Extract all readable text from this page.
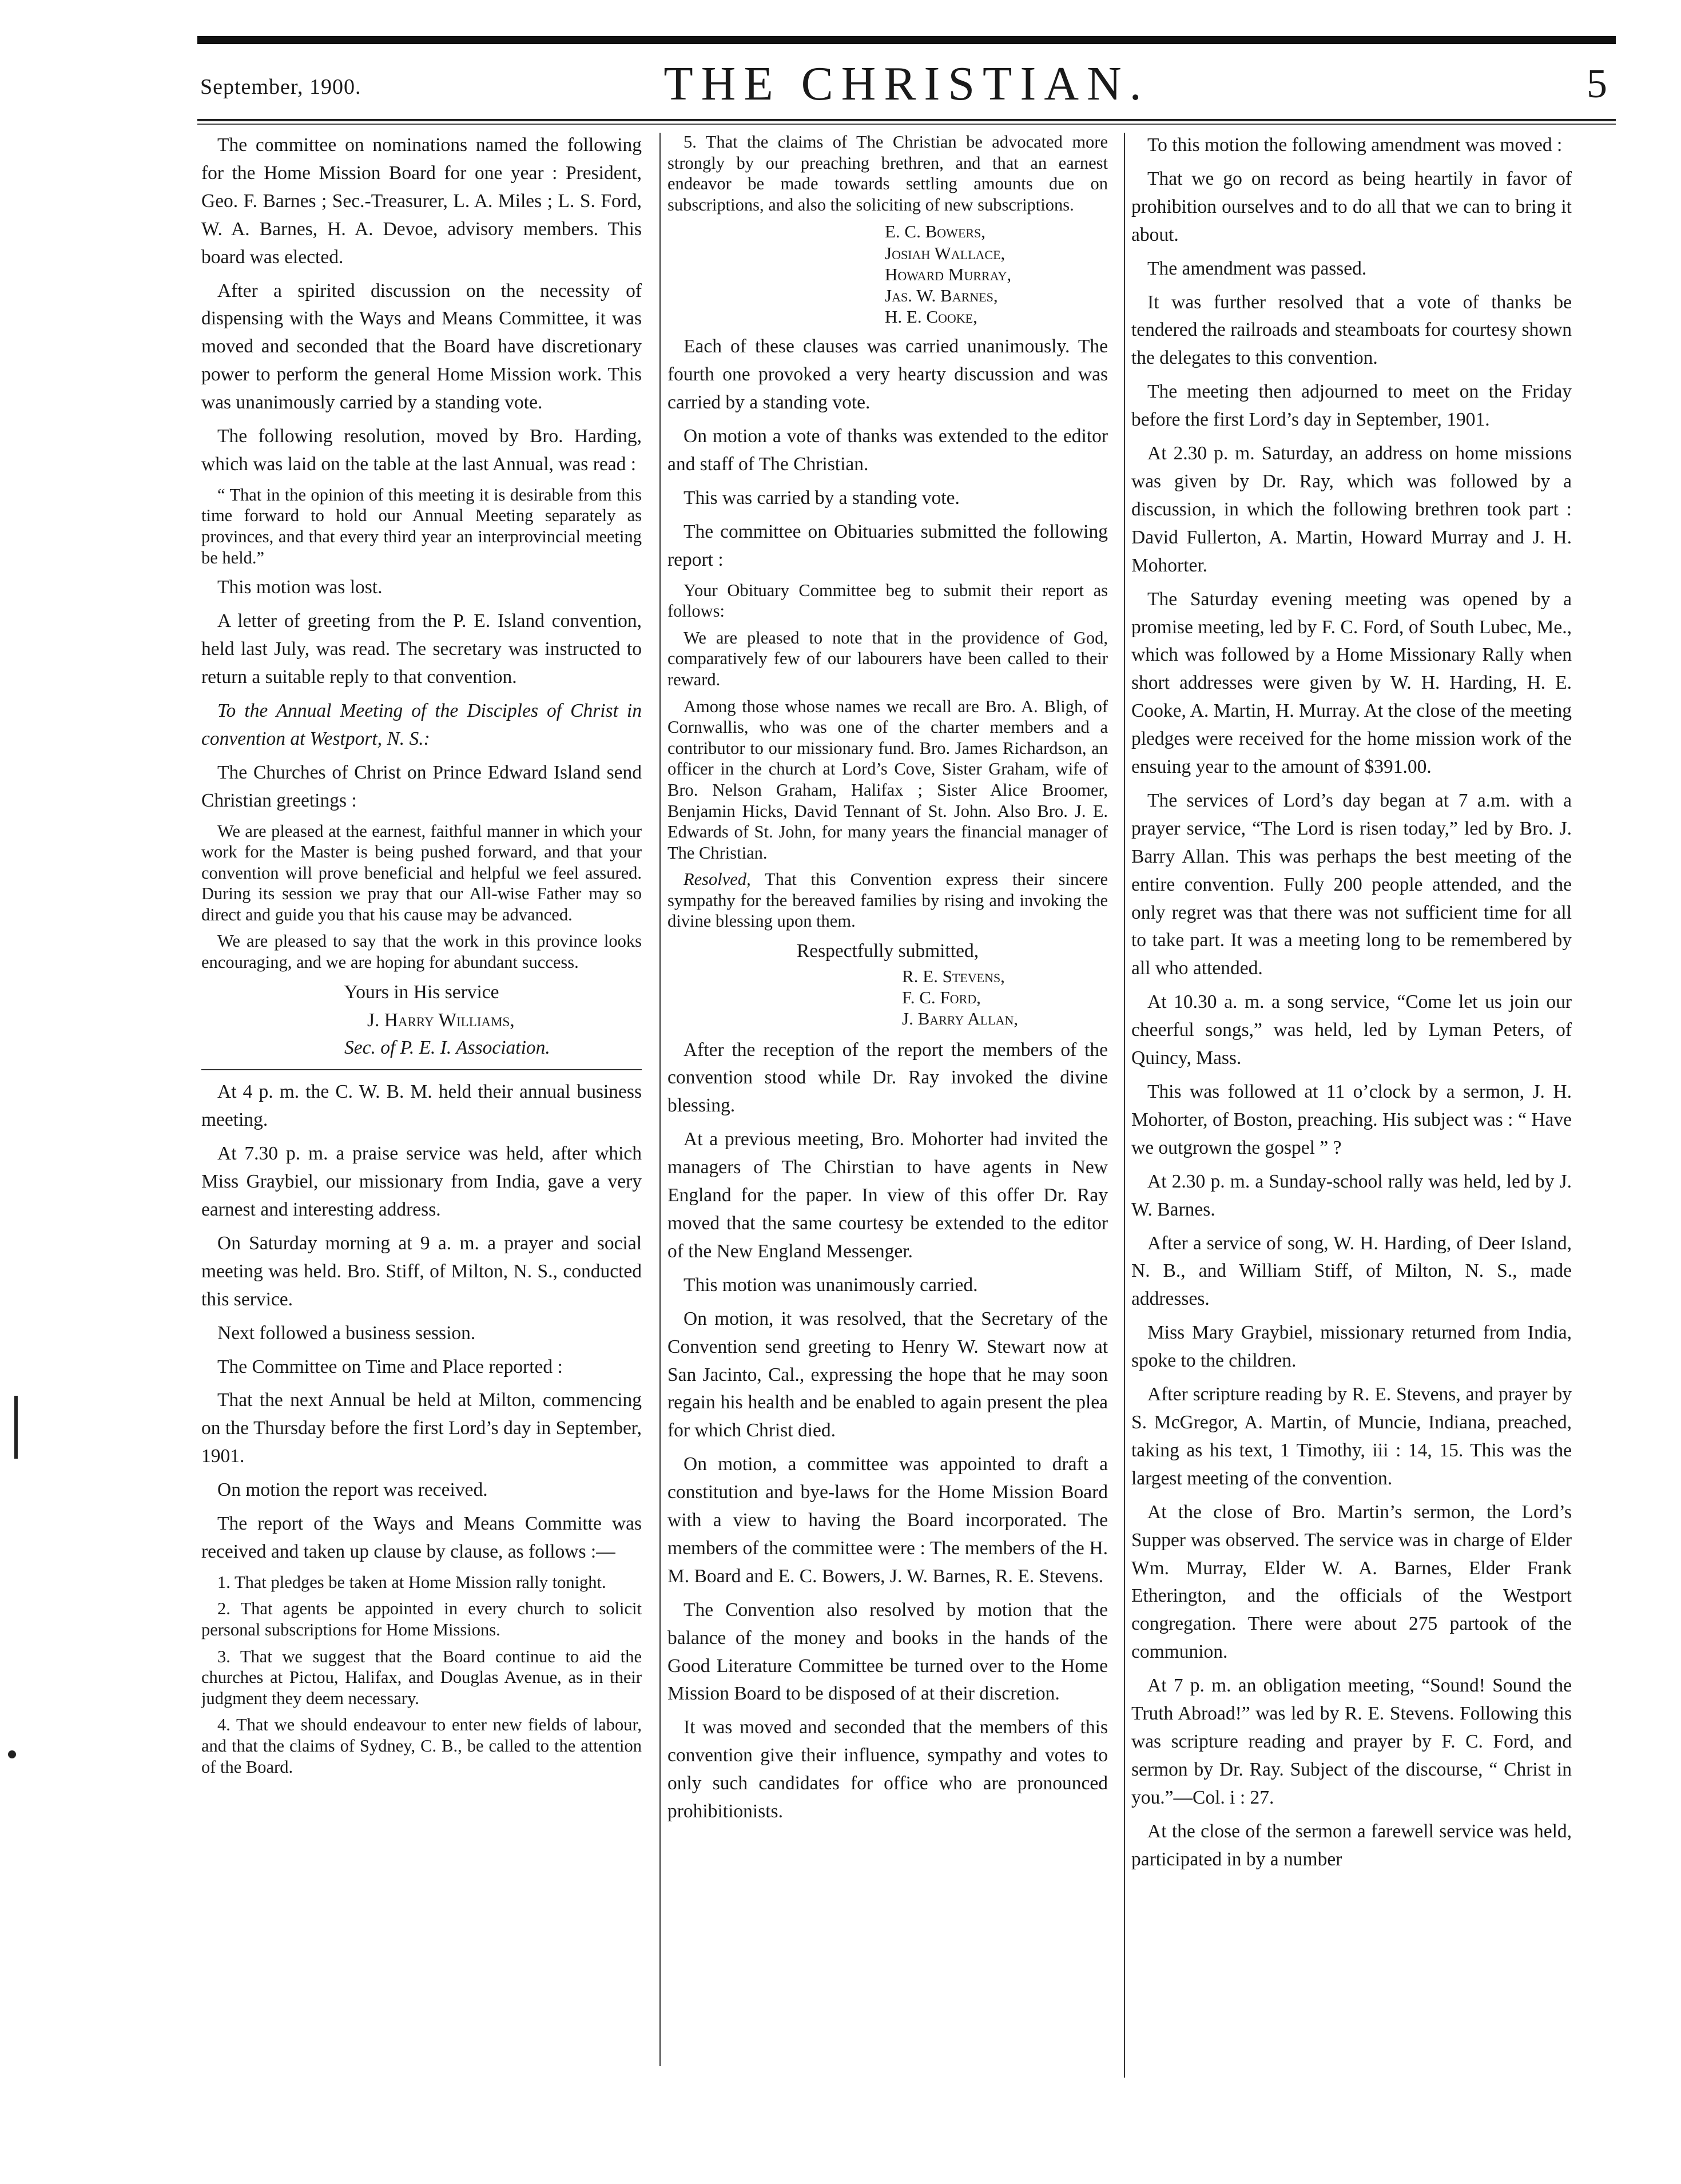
September, 1900.	THE CHRISTIAN.	5

The committee on nominations named the following for the Home Mission Board for one year : President, Geo. F. Barnes ; Sec.-Treasurer, L. A. Miles ; L. S. Ford, W. A. Barnes, H. A. Devoe, advisory members. This board was elected.

After a spirited discussion on the necessity of dispensing with the Ways and Means Committee, it was moved and seconded that the Board have discretionary power to perform the general Home Mission work. This was unanimously carried by a standing vote.

The following resolution, moved by Bro. Harding, which was laid on the table at the last Annual, was read :

“ That in the opinion of this meeting it is desirable from this time forward to hold our Annual Meeting separately as provinces, and that every third year an interprovincial meeting be held.”

This motion was lost.

A letter of greeting from the P. E. Island convention, held last July, was read. The secretary was instructed to return a suitable reply to that convention.

To the Annual Meeting of the Disciples of Christ in convention at Westport, N. S.:

The Churches of Christ on Prince Edward Island send Christian greetings :

We are pleased at the earnest, faithful manner in which your work for the Master is being pushed forward, and that your convention will prove beneficial and helpful we feel assured. During its session we pray that our All-wise Father may so direct and guide you that his cause may be advanced.

We are pleased to say that the work in this province looks encouraging, and we are hoping for abundant success.

Yours in His service

J. Harry Williams,

Sec. of P. E. I. Association.

At 4 p. m. the C. W. B. M. held their annual business meeting.

At 7.30 p. m. a praise service was held, after which Miss Graybiel, our missionary from India, gave a very earnest and interesting address.

On Saturday morning at 9 a. m. a prayer and social meeting was held. Bro. Stiff, of Milton, N. S., conducted this service.

Next followed a business session.

The Committee on Time and Place reported :

That the next Annual be held at Milton, commencing on the Thursday before the first Lord’s day in September, 1901.

On motion the report was received.

The report of the Ways and Means Committe was received and taken up clause by clause, as follows :—

1. That pledges be taken at Home Mission rally tonight.

2. That agents be appointed in every church to solicit personal subscriptions for Home Missions.

3. That we suggest that the Board continue to aid the churches at Pictou, Halifax, and Douglas Avenue, as in their judgment they deem necessary.

4. That we should endeavour to enter new fields of labour, and that the claims of Sydney, C. B., be called to the attention of the Board.

5. That the claims of The Christian be advocated more strongly by our preaching brethren, and that an earnest endeavor be made towards settling amounts due on subscriptions, and also the soliciting of new subscriptions.

E. C. Bowers,
Josiah Wallace,
Howard Murray,
Jas. W. Barnes,
H. E. Cooke,

Each of these clauses was carried unanimously. The fourth one provoked a very hearty discussion and was carried by a standing vote.

On motion a vote of thanks was extended to the editor and staff of The Christian.

This was carried by a standing vote.

The committee on Obituaries submitted the following report :

Your Obituary Committee beg to submit their report as follows:

We are pleased to note that in the providence of God, comparatively few of our labourers have been called to their reward.

Among those whose names we recall are Bro. A. Bligh, of Cornwallis, who was one of the charter members and a contributor to our missionary fund. Bro. James Richardson, an officer in the church at Lord’s Cove, Sister Graham, wife of Bro. Nelson Graham, Halifax ; Sister Alice Broomer, Benjamin Hicks, David Tennant of St. John. Also Bro. J. E. Edwards of St. John, for many years the financial manager of The Christian.

Resolved, That this Convention express their sincere sympathy for the bereaved families by rising and invoking the divine blessing upon them.

Respectfully submitted,

R. E. Stevens,
F. C. Ford,
J. Barry Allan,

After the reception of the report the members of the convention stood while Dr. Ray invoked the divine blessing.

At a previous meeting, Bro. Mohorter had invited the managers of The Chirstian to have agents in New England for the paper. In view of this offer Dr. Ray moved that the same courtesy be extended to the editor of the New England Messenger.

This motion was unanimously carried.

On motion, it was resolved, that the Secretary of the Convention send greeting to Henry W. Stewart now at San Jacinto, Cal., expressing the hope that he may soon regain his health and be enabled to again present the plea for which Christ died.

On motion, a committee was appointed to draft a constitution and bye-laws for the Home Mission Board with a view to having the Board incorporated. The members of the committee were : The members of the H. M. Board and E. C. Bowers, J. W. Barnes, R. E. Stevens.

The Convention also resolved by motion that the balance of the money and books in the hands of the Good Literature Committee be turned over to the Home Mission Board to be disposed of at their discretion.

It was moved and seconded that the members of this convention give their influence, sympathy and votes to only such candidates for office who are pronounced prohibitionists.

To this motion the following amendment was moved :

That we go on record as being heartily in favor of prohibition ourselves and to do all that we can to bring it about.

The amendment was passed.

It was further resolved that a vote of thanks be tendered the railroads and steamboats for courtesy shown the delegates to this convention.

The meeting then adjourned to meet on the Friday before the first Lord’s day in September, 1901.

At 2.30 p. m. Saturday, an address on home missions was given by Dr. Ray, which was followed by a discussion, in which the following brethren took part : David Fullerton, A. Martin, Howard Murray and J. H. Mohorter.

The Saturday evening meeting was opened by a promise meeting, led by F. C. Ford, of South Lubec, Me., which was followed by a Home Missionary Rally when short addresses were given by W. H. Harding, H. E. Cooke, A. Martin, H. Murray. At the close of the meeting pledges were received for the home mission work of the ensuing year to the amount of $391.00.

The services of Lord’s day began at 7 a.m. with a prayer service, “The Lord is risen today,” led by Bro. J. Barry Allan. This was perhaps the best meeting of the entire convention. Fully 200 people attended, and the only regret was that there was not sufficient time for all to take part. It was a meeting long to be remembered by all who attended.

At 10.30 a. m. a song service, “Come let us join our cheerful songs,” was held, led by Lyman Peters, of Quincy, Mass.

This was followed at 11 o’clock by a sermon, J. H. Mohorter, of Boston, preaching. His subject was : “ Have we outgrown the gospel ” ?

At 2.30 p. m. a Sunday-school rally was held, led by J. W. Barnes.

After a service of song, W. H. Harding, of Deer Island, N. B., and William Stiff, of Milton, N. S., made addresses.

Miss Mary Graybiel, missionary returned from India, spoke to the children.

After scripture reading by R. E. Stevens, and prayer by S. McGregor, A. Martin, of Muncie, Indiana, preached, taking as his text, 1 Timothy, iii : 14, 15. This was the largest meeting of the convention.

At the close of Bro. Martin’s sermon, the Lord’s Supper was observed. The service was in charge of Elder Wm. Murray, Elder W. A. Barnes, Elder Frank Etherington, and the officials of the Westport congregation. There were about 275 partook of the communion.

At 7 p. m. an obligation meeting, “Sound! Sound the Truth Abroad!” was led by R. E. Stevens. Following this was scripture reading and prayer by F. C. Ford, and sermon by Dr. Ray. Subject of the discourse, “ Christ in you.”—Col. i : 27.

At the close of the sermon a farewell service was held, participated in by a number
